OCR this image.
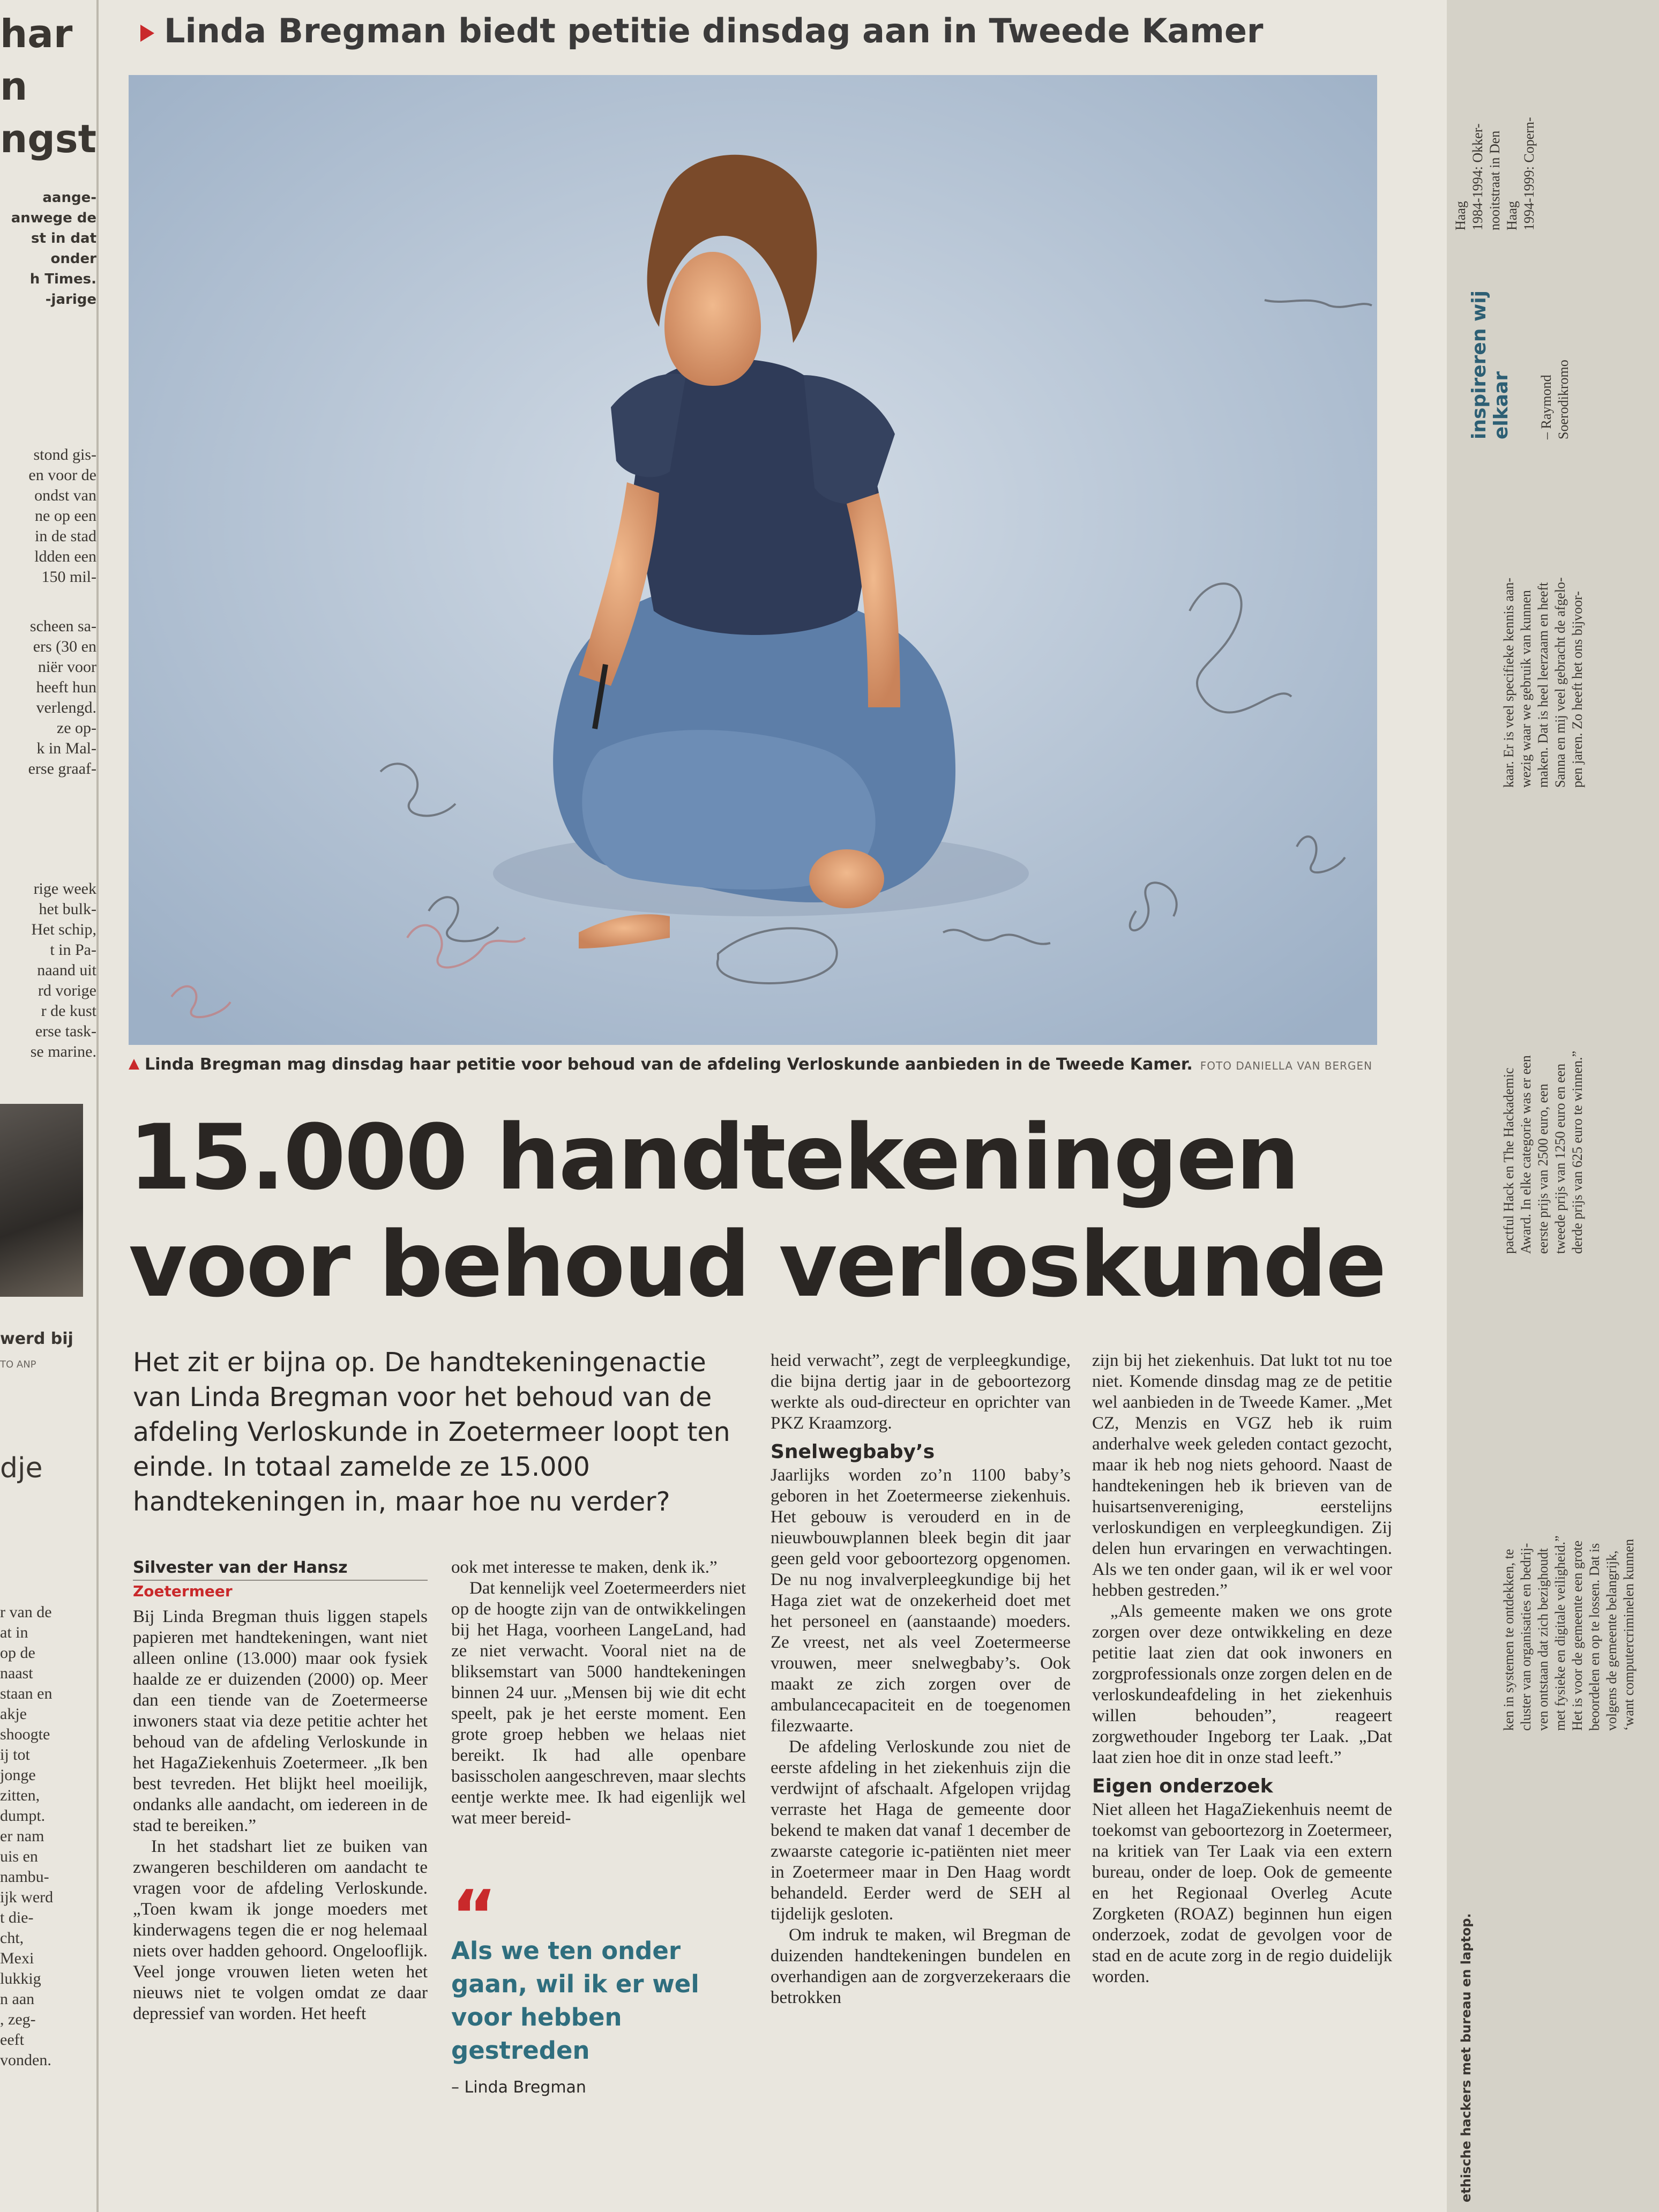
har
n
ngst
aange-
anwege de
st in dat
onder
h Times.
-jarige
stond gis-
en voor de
ondst van
ne op een
in de stad
ldden een
150 mil-
scheen sa-
ers (30 en
niër voor
heeft hun
verlengd.
ze op-
k in Mal-
erse graaf-
rige week
het bulk-
Het schip,
t in Pa-
naand uit
rd vorige
r de kust
erse task-
se marine.
werd bij
TO ANP
dje
r van de
at in
op de
naast
staan en
akje
shoogte
ij tot
jonge
zitten,
dumpt.
er nam
uis en
nambu-
ijk werd
t die-
cht,
Mexi
lukkig
n aan
, zeg-
eeft
vonden.
Linda Bregman biedt petitie dinsdag aan in Tweede Kamer
Linda Bregman mag dinsdag haar petitie voor behoud van de afdeling Verloskunde aanbieden in de Tweede Kamer. FOTO DANIELLA VAN BERGEN
15.000 handtekeningen
voor behoud verloskunde
Het zit er bijna op. De handtekeningenactie van Linda Bregman voor het behoud van de afdeling Verloskunde in Zoetermeer loopt ten einde. In totaal zamelde ze 15.000 handtekeningen in, maar hoe nu verder?
Silvester van der Hansz
Zoetermeer

Bij Linda Bregman thuis liggen stapels papieren met handtekeningen, want niet alleen online (13.000) maar ook fysiek haalde ze er duizenden (2000) op. Meer dan een tiende van de Zoetermeerse inwoners staat via deze petitie achter het behoud van de afdeling Verloskunde in het HagaZiekenhuis Zoetermeer. „Ik ben best tevreden. Het blijkt heel moeilijk, ondanks alle aandacht, om iedereen in de stad te bereiken.”

In het stadshart liet ze buiken van zwangeren beschilderen om aandacht te vragen voor de afdeling Verloskunde. „Toen kwam ik jonge moeders met kinderwagens tegen die er nog helemaal niets over hadden gehoord. Ongelooflijk. Veel jonge vrouwen lieten weten het nieuws niet te volgen omdat ze daar depressief van worden. Het heeft

ook met interesse te maken, denk ik.”

Dat kennelijk veel Zoetermeerders niet op de hoogte zijn van de ontwikkelingen bij het Haga, voorheen LangeLand, had ze niet verwacht. Vooral niet na de bliksemstart van 5000 handtekeningen binnen 24 uur. „Mensen bij wie dit echt speelt, pak je het eerste moment. Een grote groep hebben we helaas niet bereikt. Ik had alle openbare basisscholen aangeschreven, maar slechts eentje werkte mee. Ik had eigenlijk wel wat meer bereid-

“
Als we ten onder gaan, wil ik er wel voor hebben gestreden
– Linda Bregman

heid verwacht”, zegt de verpleegkundige, die bijna dertig jaar in de geboortezorg werkte als oud-directeur en oprichter van PKZ Kraamzorg.

Snelwegbaby’s

Jaarlijks worden zo’n 1100 baby’s geboren in het Zoetermeerse ziekenhuis. Het gebouw is verouderd en in de nieuwbouwplannen bleek begin dit jaar geen geld voor geboortezorg opgenomen. De nu nog invalverpleegkundige bij het Haga ziet wat de onzekerheid doet met het personeel en (aanstaande) moeders. Ze vreest, net als veel Zoetermeerse vrouwen, meer snelwegbaby’s. Ook maakt ze zich zorgen over de ambulancecapaciteit en de toegenomen filezwaarte.

De afdeling Verloskunde zou niet de eerste afdeling in het ziekenhuis zijn die verdwijnt of afschaalt. Afgelopen vrijdag verraste het Haga de gemeente door bekend te maken dat vanaf 1 december de zwaarste categorie ic-patiënten niet meer in Zoetermeer maar in Den Haag wordt behandeld. Eerder werd de SEH al tijdelijk gesloten.

Om indruk te maken, wil Bregman de duizenden handtekeningen bundelen en overhandigen aan de zorgverzekeraars die betrokken

zijn bij het ziekenhuis. Dat lukt tot nu toe niet. Komende dinsdag mag ze de petitie wel aanbieden in de Tweede Kamer. „Met CZ, Menzis en VGZ heb ik ruim anderhalve week geleden contact gezocht, maar ik heb nog niets gehoord. Naast de handtekeningen heb ik brieven van de huisartsenvereniging, eerstelijns verloskundigen en verpleegkundigen. Zij delen hun ervaringen en verwachtingen. Als we ten onder gaan, wil ik er wel voor hebben gestreden.”

„Als gemeente maken we ons grote zorgen over deze ontwikkeling en deze petitie laat zien dat ook inwoners en zorgprofessionals onze zorgen delen en de verloskundeafdeling in het ziekenhuis willen behouden”, reageert zorgwethouder Ingeborg ter Laak. „Dat laat zien hoe dit in onze stad leeft.”

Eigen onderzoek

Niet alleen het HagaZiekenhuis neemt de toekomst van geboortezorg in Zoetermeer, na kritiek van Ter Laak via een extern bureau, onder de loep. Ook de gemeente en het Regionaal Overleg Acute Zorgketen (ROAZ) beginnen hun eigen onderzoek, zodat de gevolgen voor de stad en de acute zorg in de regio duidelijk worden.

Haag
1984-1994: Okker-
nooitstraat in Den
Haag
1994-1999: Copern-
inspireren wij
elkaar – Raymond
Soerodikromo
kaar. Er is veel specifieke kennis aan-
wezig waar we gebruik van kunnen
maken. Dat is heel leerzaam en heeft
Sanna en mij veel gebracht de afgelo-
pen jaren. Zo heeft het ons bijvoor-
pactful Hack en The Hackademic
Award. In elke categorie was er een
eerste prijs van 2500 euro, een
tweede prijs van 1250 euro en een
derde prijs van 625 euro te winnen.”
ken in systemen te ontdekken, te
cluster van organisaties en bedrij-
ven ontstaan dat zich bezighoudt
met fysieke en digitale veiligheid.”
Het is voor de gemeente een grote
beoordelen en op te lossen. Dat is
volgens de gemeente belangrijk,
‘want computercriminelen kunnen
ethische hackers met bureau en laptop.
